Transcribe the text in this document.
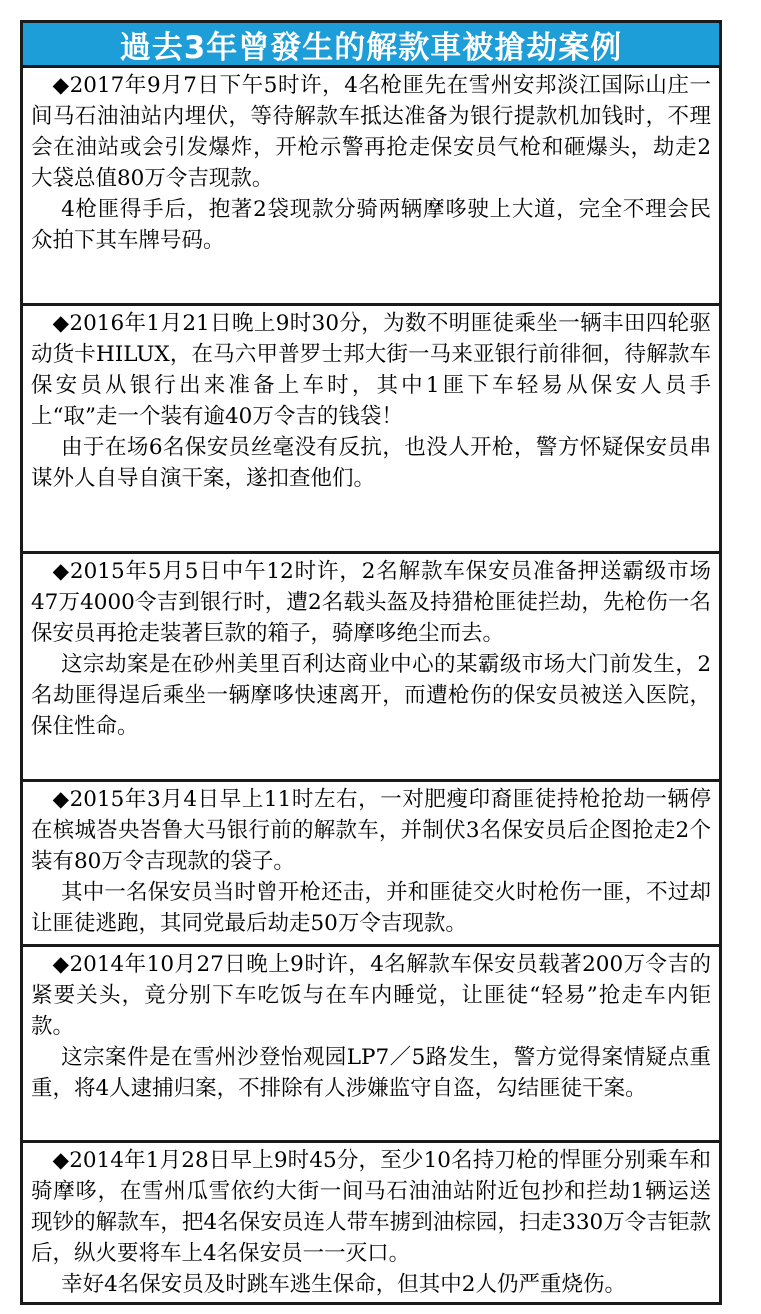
過去3年曾發生的解款車被搶劫案例

◆2017年9月7日下午5时许，4名枪匪先在雪州安邦淡江国际山庄一间马石油油站内埋伏，等待解款车抵达准备为银行提款机加钱时，不理会在油站或会引发爆炸，开枪示警再抢走保安员气枪和砸爆头，劫走2大袋总值80万令吉现款。

4枪匪得手后，抱著2袋现款分骑两辆摩哆驶上大道，完全不理会民众拍下其车牌号码。

◆2016年1月21日晚上9时30分，为数不明匪徒乘坐一辆丰田四轮驱动货卡HILUX，在马六甲普罗士邦大街一马来亚银行前徘徊，待解款车保安员从银行出来准备上车时，其中1匪下车轻易从保安人员手上“取”走一个装有逾40万令吉的钱袋！

由于在场6名保安员丝毫没有反抗，也没人开枪，警方怀疑保安员串谋外人自导自演干案，遂扣查他们。

◆2015年5月5日中午12时许，2名解款车保安员准备押送霸级市场47万4000令吉到银行时，遭2名载头盔及持猎枪匪徒拦劫，先枪伤一名保安员再抢走装著巨款的箱子，骑摩哆绝尘而去。

这宗劫案是在砂州美里百利达商业中心的某霸级市场大门前发生，2名劫匪得逞后乘坐一辆摩哆快速离开，而遭枪伤的保安员被送入医院，保住性命。

◆2015年3月4日早上11时左右，一对肥瘦印裔匪徒持枪抢劫一辆停在槟城峇央峇鲁大马银行前的解款车，并制伏3名保安员后企图抢走2个装有80万令吉现款的袋子。

其中一名保安员当时曾开枪还击，并和匪徒交火时枪伤一匪，不过却让匪徒逃跑，其同党最后劫走50万令吉现款。

◆2014年10月27日晚上9时许，4名解款车保安员载著200万令吉的紧要关头，竟分别下车吃饭与在车内睡觉，让匪徒“轻易”抢走车内钜款。

这宗案件是在雪州沙登怡观园LP7／5路发生，警方觉得案情疑点重重，将4人逮捕归案，不排除有人涉嫌监守自盗，勾结匪徒干案。

◆2014年1月28日早上9时45分，至少10名持刀枪的悍匪分别乘车和骑摩哆，在雪州瓜雪依约大街一间马石油油站附近包抄和拦劫1辆运送现钞的解款车，把4名保安员连人带车掳到油棕园，扫走330万令吉钜款后，纵火要将车上4名保安员一一灭口。

幸好4名保安员及时跳车逃生保命，但其中2人仍严重烧伤。
